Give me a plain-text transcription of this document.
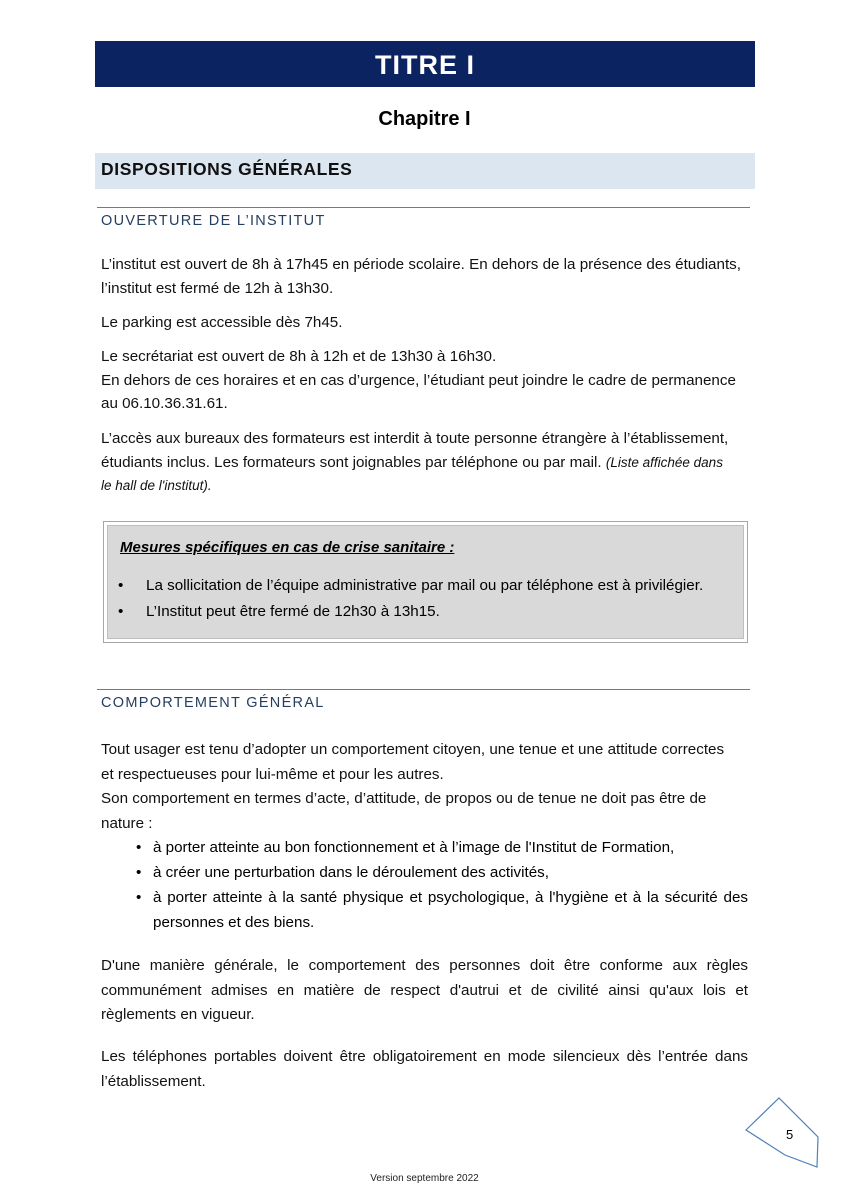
TITRE I
Chapitre I
DISPOSITIONS GÉNÉRALES
OUVERTURE DE L’INSTITUT
L’institut est ouvert de 8h à 17h45 en période scolaire. En dehors de la présence des étudiants,
l’institut est fermé de 12h à 13h30.
Le parking est accessible dès 7h45.
Le secrétariat est ouvert de 8h à 12h et de 13h30 à 16h30.
En dehors de ces horaires et en cas d’urgence, l’étudiant peut joindre le cadre de permanence
au 06.10.36.31.61.
L’accès aux bureaux des formateurs est interdit à toute personne étrangère à l’établissement,
étudiants inclus. Les formateurs sont joignables par téléphone ou par mail. (Liste affichée dans
le hall de l'institut).
Mesures spécifiques en cas de crise sanitaire :
•	La sollicitation de l’équipe administrative par mail ou par téléphone est à privilégier.
•	L’Institut peut être fermé de 12h30 à 13h15.
COMPORTEMENT GÉNÉRAL
Tout usager est tenu d’adopter un comportement citoyen, une tenue et une attitude correctes
et respectueuses pour lui-même et pour les autres.
Son comportement en termes d’acte, d’attitude, de propos ou de tenue ne doit pas être de
nature :
• à porter atteinte au bon fonctionnement et à l’image de l'Institut de Formation,
• à créer une perturbation dans le déroulement des activités,
• à porter atteinte à la santé physique et psychologique, à l'hygiène et à la sécurité des personnes et des biens.
D'une manière générale, le comportement des personnes doit être conforme aux règles communément admises en matière de respect d'autrui et de civilité ainsi qu'aux lois et règlements en vigueur.
Les téléphones portables doivent être obligatoirement en mode silencieux dès l’entrée dans l’établissement.
5
Version septembre 2022
